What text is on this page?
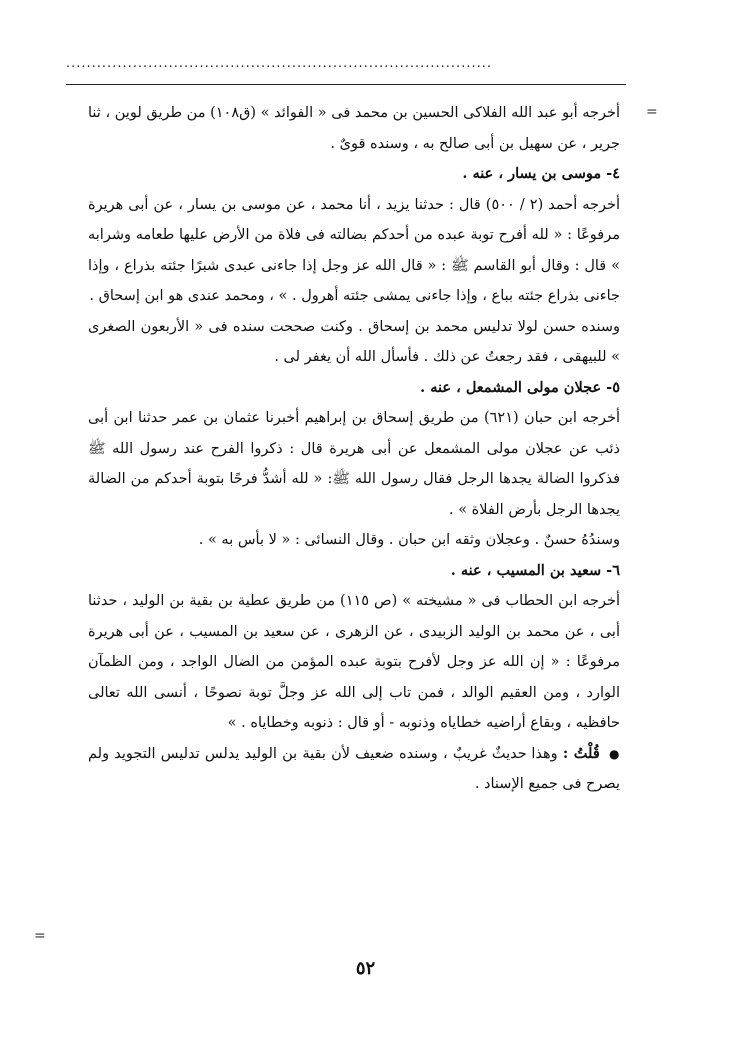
...................................................................................
=
=

أخرجه أبو عبد الله الفلاكى الحسين بن محمد فى « الفوائد » (ق١٠٨) من طريق لوين ، ثنا جرير ، عن سهيل بن أبى صالح به ، وسنده قوىٌ .

٤- موسى بن يسار ، عنه .

أخرجه أحمد (٢ / ٥٠٠) قال : حدثنا يزيد ، أنا محمد ، عن موسى بن يسار ، عن أبى هريرة مرفوعًا : « لله أفرح توبة عبده من أحدكم بضالته فى فلاة من الأرض عليها طعامه وشرابه » قال : وقال أبو القاسم ﷺ : « قال الله عز وجل إذا جاءنى عبدى شبرًا جئته بذراع ، وإذا جاءنى بذراع جئته بباع ، وإذا جاءنى يمشى جئته أهرول . » ، ومحمد عندى هو ابن إسحاق .

وسنده حسن لولا تدليس محمد بن إسحاق . وكنت صححت سنده فى « الأربعون الصغرى » للبيهقى ، فقد رجعتُ عن ذلك . فأسأل الله أن يغفر لى .

٥- عجلان مولى المشمعل ، عنه .

أخرجه ابن حبان (٦٢١) من طريق إسحاق بن إبراهيم أخبرنا عثمان بن عمر حدثنا ابن أبى ذئب عن عجلان مولى المشمعل عن أبى هريرة قال : ذكروا الفرح عند رسول الله ﷺ فذكروا الضالة يجدها الرجل فقال رسول الله ﷺ: « لله أشدُّ فرحًا بتوبة أحدكم من الضالة يجدها الرجل بأرض الفلاة » .

وسندُهُ حسنٌ . وعجلان وثقه ابن حبان . وقال النسائى : « لا بأس به » .

٦- سعيد بن المسيب ، عنه .

أخرجه ابن الحطاب فى « مشيخته » (ص ١١٥) من طريق عطية بن بقية بن الوليد ، حدثنا أبى ، عن محمد بن الوليد الزبيدى ، عن الزهرى ، عن سعيد بن المسيب ، عن أبى هريرة مرفوعًا : « إن الله عز وجل لأفرح بتوبة عبده المؤمن من الضال الواجد ، ومن الظمآن الوارد ، ومن العقيم الوالد ، فمن تاب إلى الله عز وجلَّ توبة نصوحًا ، أنسى الله تعالى حافظيه ، وبقاع أراضيه خطاياه وذنوبه - أو قال : ذنوبه وخطاياه . »

● قُلْتُ : وهذا حديثٌ غريبٌ ، وسنده ضعيف لأن بقية بن الوليد يدلس تدليس التجويد ولم يصرح فى جميع الإسناد .

٥٢
